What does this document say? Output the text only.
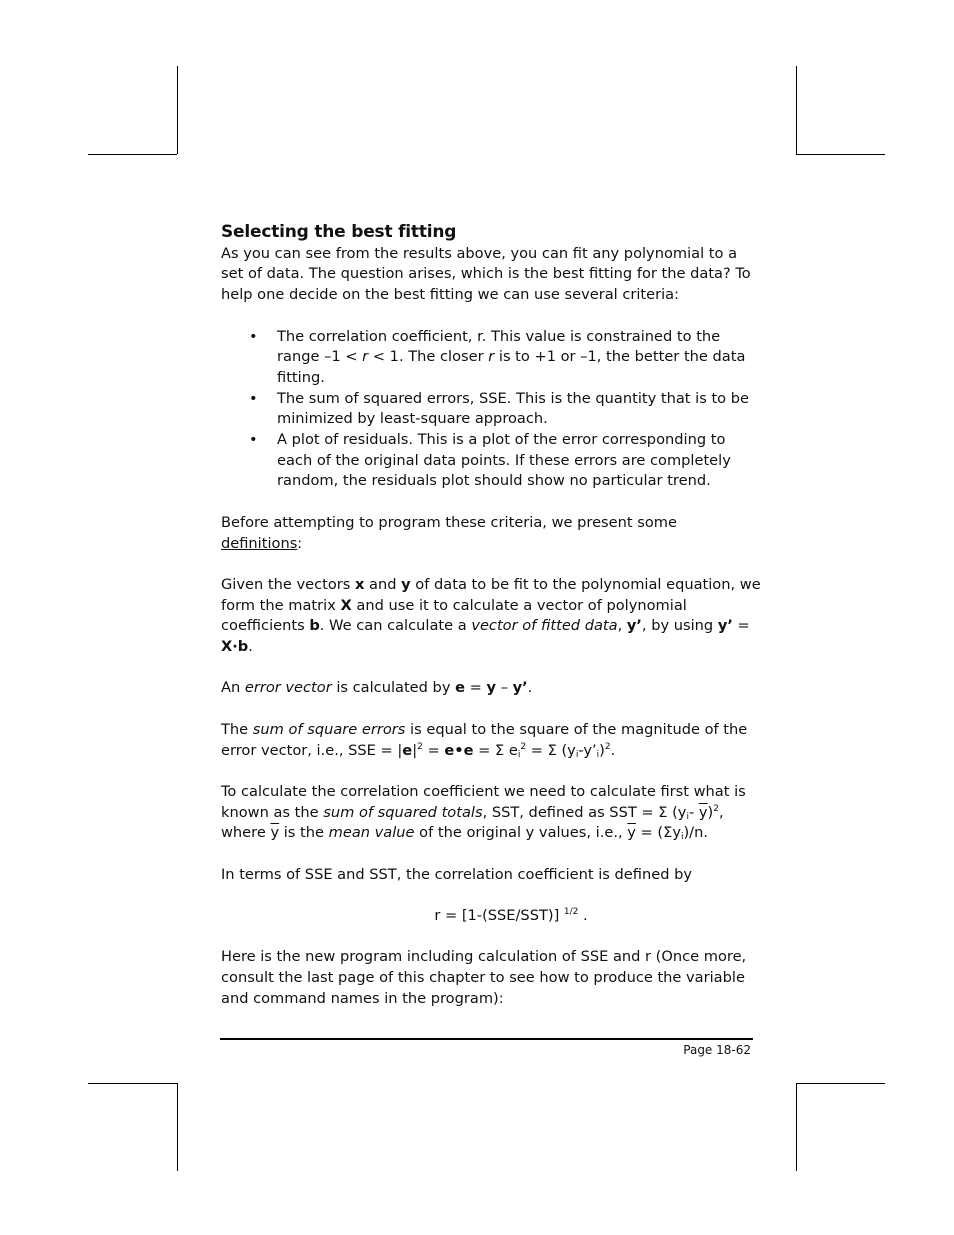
Selecting the best fitting

As you can see from the results above, you can fit any polynomial to a set of data. The question arises, which is the best fitting for the data? To help one decide on the best fitting we can use several criteria:

• The correlation coefficient, r. This value is constrained to the range –1 < r < 1. The closer r is to +1 or –1, the better the data fitting.
• The sum of squared errors, SSE. This is the quantity that is to be minimized by least-square approach.
• A plot of residuals. This is a plot of the error corresponding to each of the original data points. If these errors are completely random, the residuals plot should show no particular trend.

Before attempting to program these criteria, we present some definitions:

Given the vectors x and y of data to be fit to the polynomial equation, we form the matrix X and use it to calculate a vector of polynomial coefficients b. We can calculate a vector of fitted data, y’, by using y’ = X·b.

An error vector is calculated by e = y – y’.

The sum of square errors is equal to the square of the magnitude of the error vector, i.e., SSE = $|e|^2$ = e•e = Σ $e_i^2 = \Sigma$ $(y_i-y’_i)^2$.

To calculate the correlation coefficient we need to calculate first what is known as the sum of squared totals, SST, defined as SST = Σ ($y_i-$ $\overline{y})^2$, where $\overline{y}$ is the mean value of the original y values, i.e., $\overline{y} = (\Sigma y_i)/n$.

In terms of SSE and SST, the correlation coefficient is defined by

r = [1-(SSE/SST)] $^{1/2}$ .

Here is the new program including calculation of SSE and r (Once more, consult the last page of this chapter to see how to produce the variable and command names in the program):

Page 18-62
